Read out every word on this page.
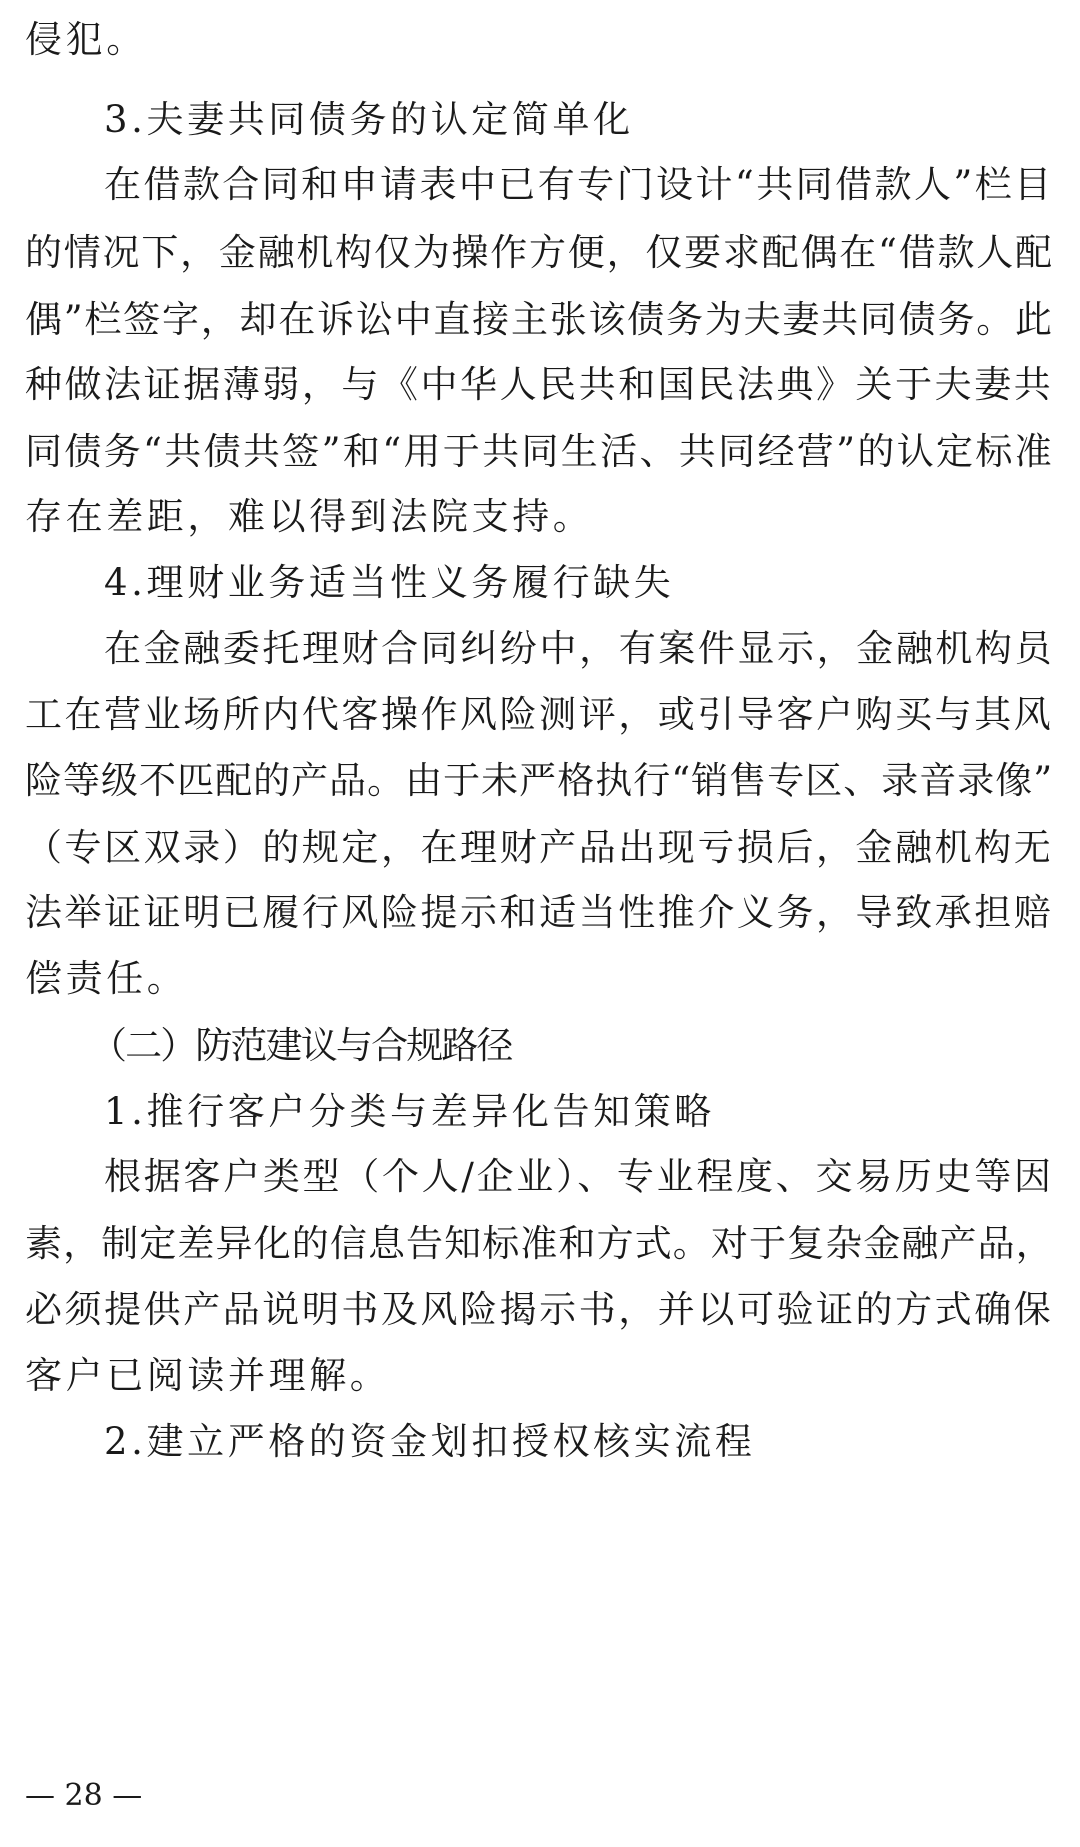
侵犯。
3.夫妻共同债务的认定简单化
在借款合同和申请表中已有专门设计“共同借款人”栏目
的情况下，金融机构仅为操作方便，仅要求配偶在“借款人配
偶”栏签字，却在诉讼中直接主张该债务为夫妻共同债务。此
种做法证据薄弱，与《中华人民共和国民法典》关于夫妻共
同债务“共债共签”和“用于共同生活、共同经营”的认定标准
存在差距，难以得到法院支持。
4.理财业务适当性义务履行缺失
在金融委托理财合同纠纷中，有案件显示，金融机构员
工在营业场所内代客操作风险测评，或引导客户购买与其风
险等级不匹配的产品。由于未严格执行“销售专区、录音录像”
（专区双录）的规定，在理财产品出现亏损后，金融机构无
法举证证明已履行风险提示和适当性推介义务，导致承担赔
偿责任。
（二）防范建议与合规路径
1.推行客户分类与差异化告知策略
根据客户类型（个人/企业）、专业程度、交易历史等因
素，制定差异化的信息告知标准和方式。对于复杂金融产品，
必须提供产品说明书及风险揭示书，并以可验证的方式确保
客户已阅读并理解。
2.建立严格的资金划扣授权核实流程
— 28 —
